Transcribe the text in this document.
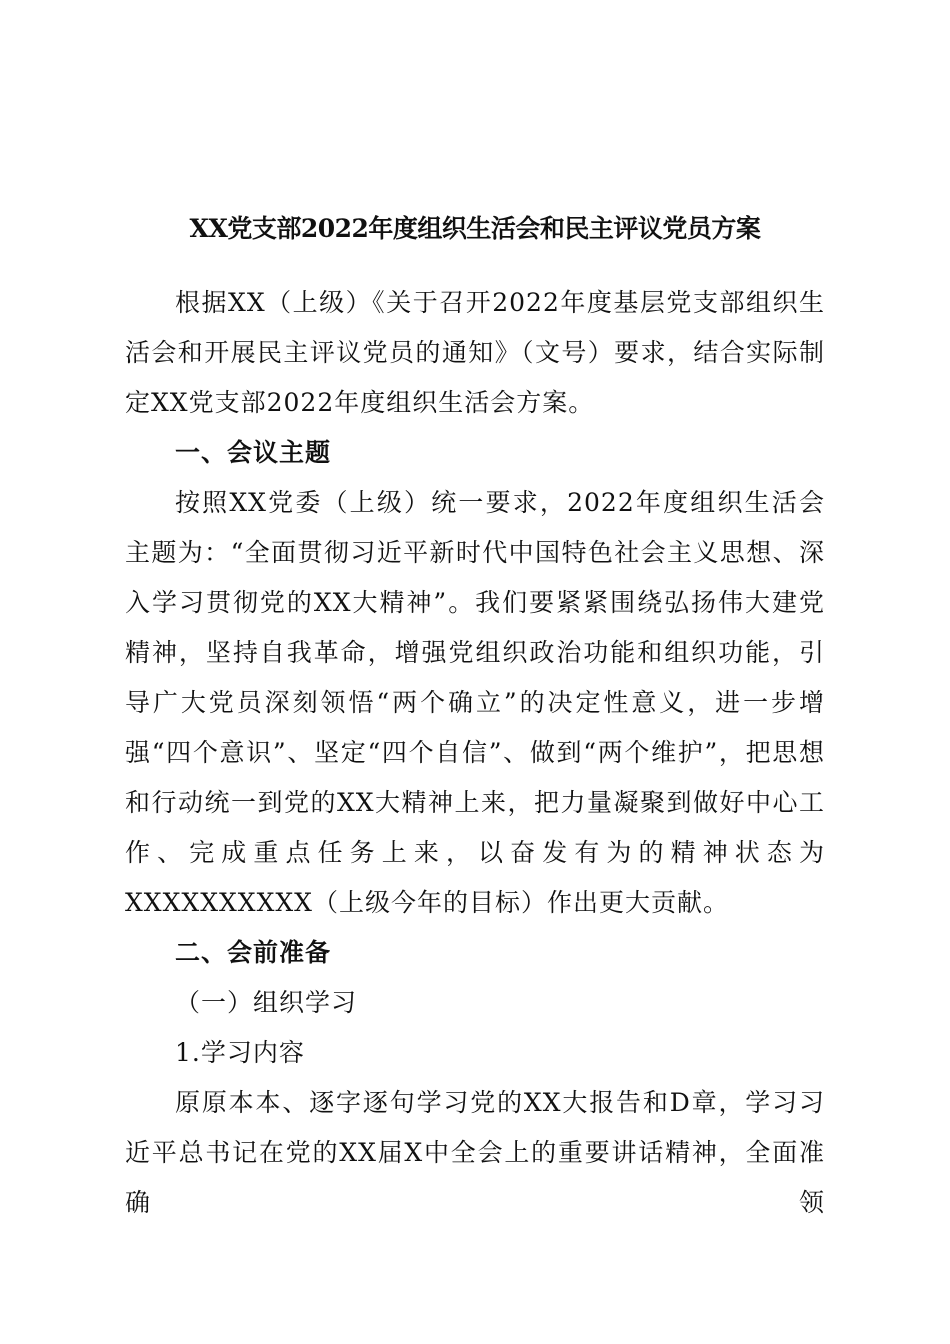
XX党支部2022年度组织生活会和民主评议党员方案

根据XX（上级）《关于召开2022年度基层党支部组织生活会和开展民主评议党员的通知》（文号）要求，结合实际制定XX党支部2022年度组织生活会方案。

一、会议主题

按照XX党委（上级）统一要求，2022年度组织生活会主题为：“全面贯彻习近平新时代中国特色社会主义思想、深入学习贯彻党的XX大精神”。我们要紧紧围绕弘扬伟大建党精神，坚持自我革命，增强党组织政治功能和组织功能，引导广大党员深刻领悟“两个确立”的决定性意义，进一步增强“四个意识”、坚定“四个自信”、做到“两个维护”，把思想和行动统一到党的XX大精神上来，把力量凝聚到做好中心工作、完成重点任务上来，以奋发有为的精神状态为XXXXXXXXXX（上级今年的目标）作出更大贡献。

二、会前准备

（一）组织学习

1.学习内容

原原本本、逐字逐句学习党的XX大报告和D章，学习习近平总书记在党的XX届X中全会上的重要讲话精神，全面准确领
